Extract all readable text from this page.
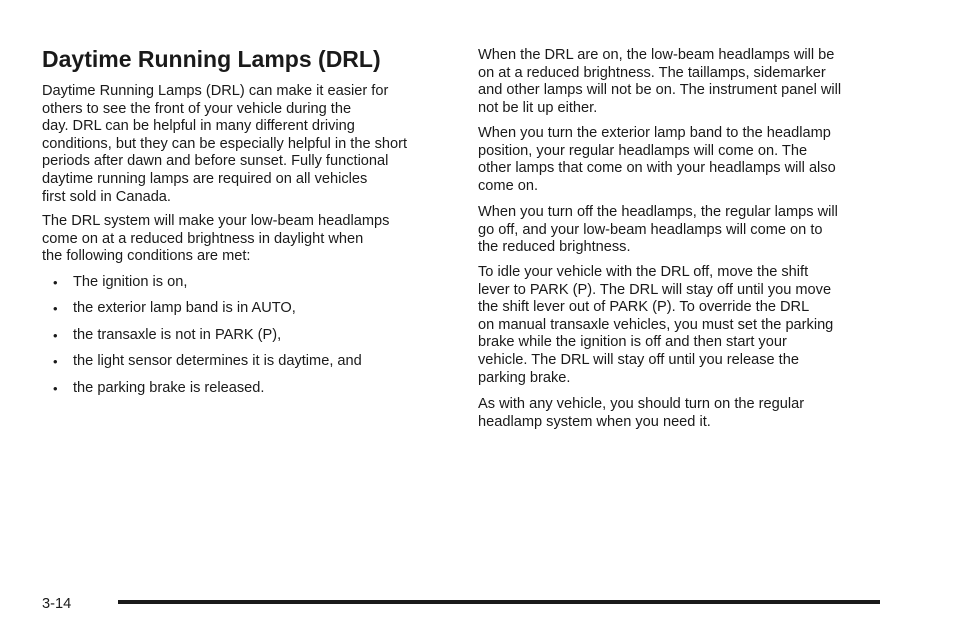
Daytime Running Lamps (DRL)

Daytime Running Lamps (DRL) can make it easier for
others to see the front of your vehicle during the
day. DRL can be helpful in many different driving
conditions, but they can be especially helpful in the short
periods after dawn and before sunset. Fully functional
daytime running lamps are required on all vehicles
first sold in Canada.

The DRL system will make your low-beam headlamps
come on at a reduced brightness in daylight when
the following conditions are met:

• The ignition is on,
• the exterior lamp band is in AUTO,
• the transaxle is not in PARK (P),
• the light sensor determines it is daytime, and
• the parking brake is released.

When the DRL are on, the low-beam headlamps will be
on at a reduced brightness. The taillamps, sidemarker
and other lamps will not be on. The instrument panel will
not be lit up either.

When you turn the exterior lamp band to the headlamp
position, your regular headlamps will come on. The
other lamps that come on with your headlamps will also
come on.

When you turn off the headlamps, the regular lamps will
go off, and your low-beam headlamps will come on to
the reduced brightness.

To idle your vehicle with the DRL off, move the shift
lever to PARK (P). The DRL will stay off until you move
the shift lever out of PARK (P). To override the DRL
on manual transaxle vehicles, you must set the parking
brake while the ignition is off and then start your
vehicle. The DRL will stay off until you release the
parking brake.

As with any vehicle, you should turn on the regular
headlamp system when you need it.

3-14
